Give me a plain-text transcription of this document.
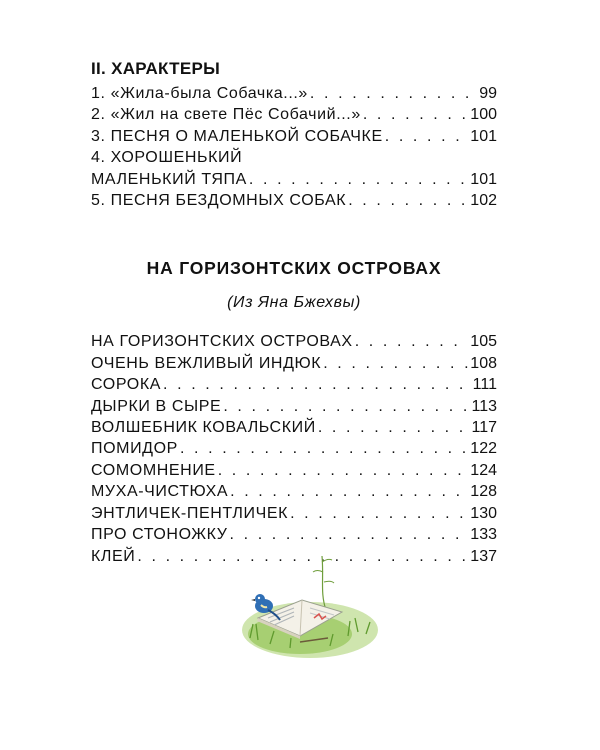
II. ХАРАКТЕРЫ
1. «Жила-была Собачка...» . . .	99
2. «Жил на свете Пёс Собачий...» . . .	100
3. ПЕСНЯ О МАЛЕНЬКОЙ СОБАЧКЕ . . .	101
4. ХОРОШЕНЬКИЙ
МАЛЕНЬКИЙ ТЯПА . . .	101
5. ПЕСНЯ БЕЗДОМНЫХ СОБАК . . .	102
НА ГОРИЗОНТСКИХ ОСТРОВАХ
(Из Яна Бжехвы)
НА ГОРИЗОНТСКИХ ОСТРОВАХ . . .	105
ОЧЕНЬ ВЕЖЛИВЫЙ ИНДЮК . . .	108
СОРОКА . . .	111
ДЫРКИ В СЫРЕ . . .	113
ВОЛШЕБНИК КОВАЛЬСКИЙ . . .	117
ПОМИДОР . . .	122
СОМОМНЕНИЕ . . .	124
МУХА-ЧИСТЮХА . . .	128
ЭНТЛИЧЕК-ПЕНТЛИЧЕК . . .	130
ПРО СТОНОЖКУ . . .	133
КЛЕЙ . . .	137
